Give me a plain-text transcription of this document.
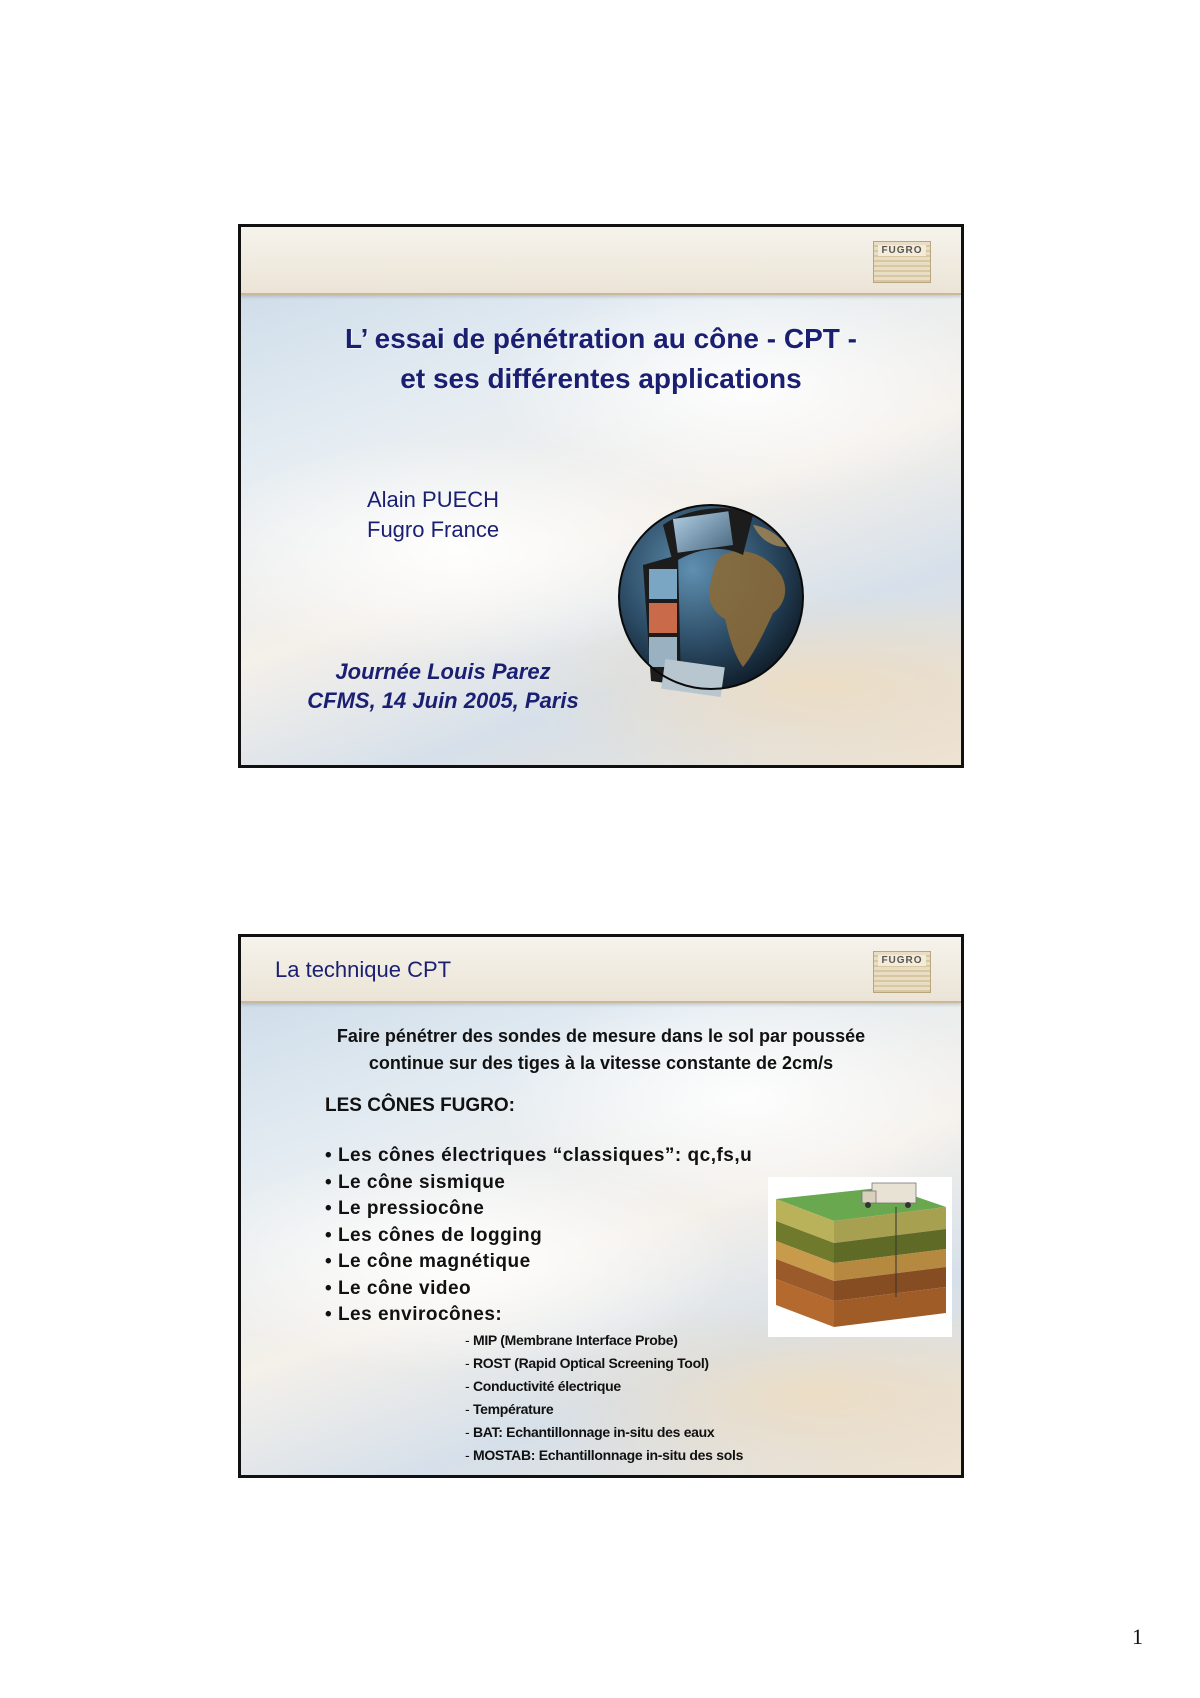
FUGRO
L’ essai de pénétration au cône - CPT -
et ses différentes applications
Alain PUECH
Fugro France
Journée Louis Parez
CFMS, 14 Juin 2005, Paris
La technique CPT	FUGRO
Faire pénétrer des sondes de mesure dans le sol par poussée
continue sur des tiges à la vitesse constante de 2cm/s
LES CÔNES FUGRO:
• Les cônes électriques “classiques”: qc,fs,u
• Le cône sismique
• Le pressiocône
• Les cônes de logging
• Le cône magnétique
• Le cône video
• Les envirocônes:
- MIP (Membrane Interface Probe)
- ROST (Rapid Optical Screening Tool)
- Conductivité électrique
- Température
- BAT: Echantillonnage in-situ des eaux
- MOSTAB: Echantillonnage in-situ des sols
1
